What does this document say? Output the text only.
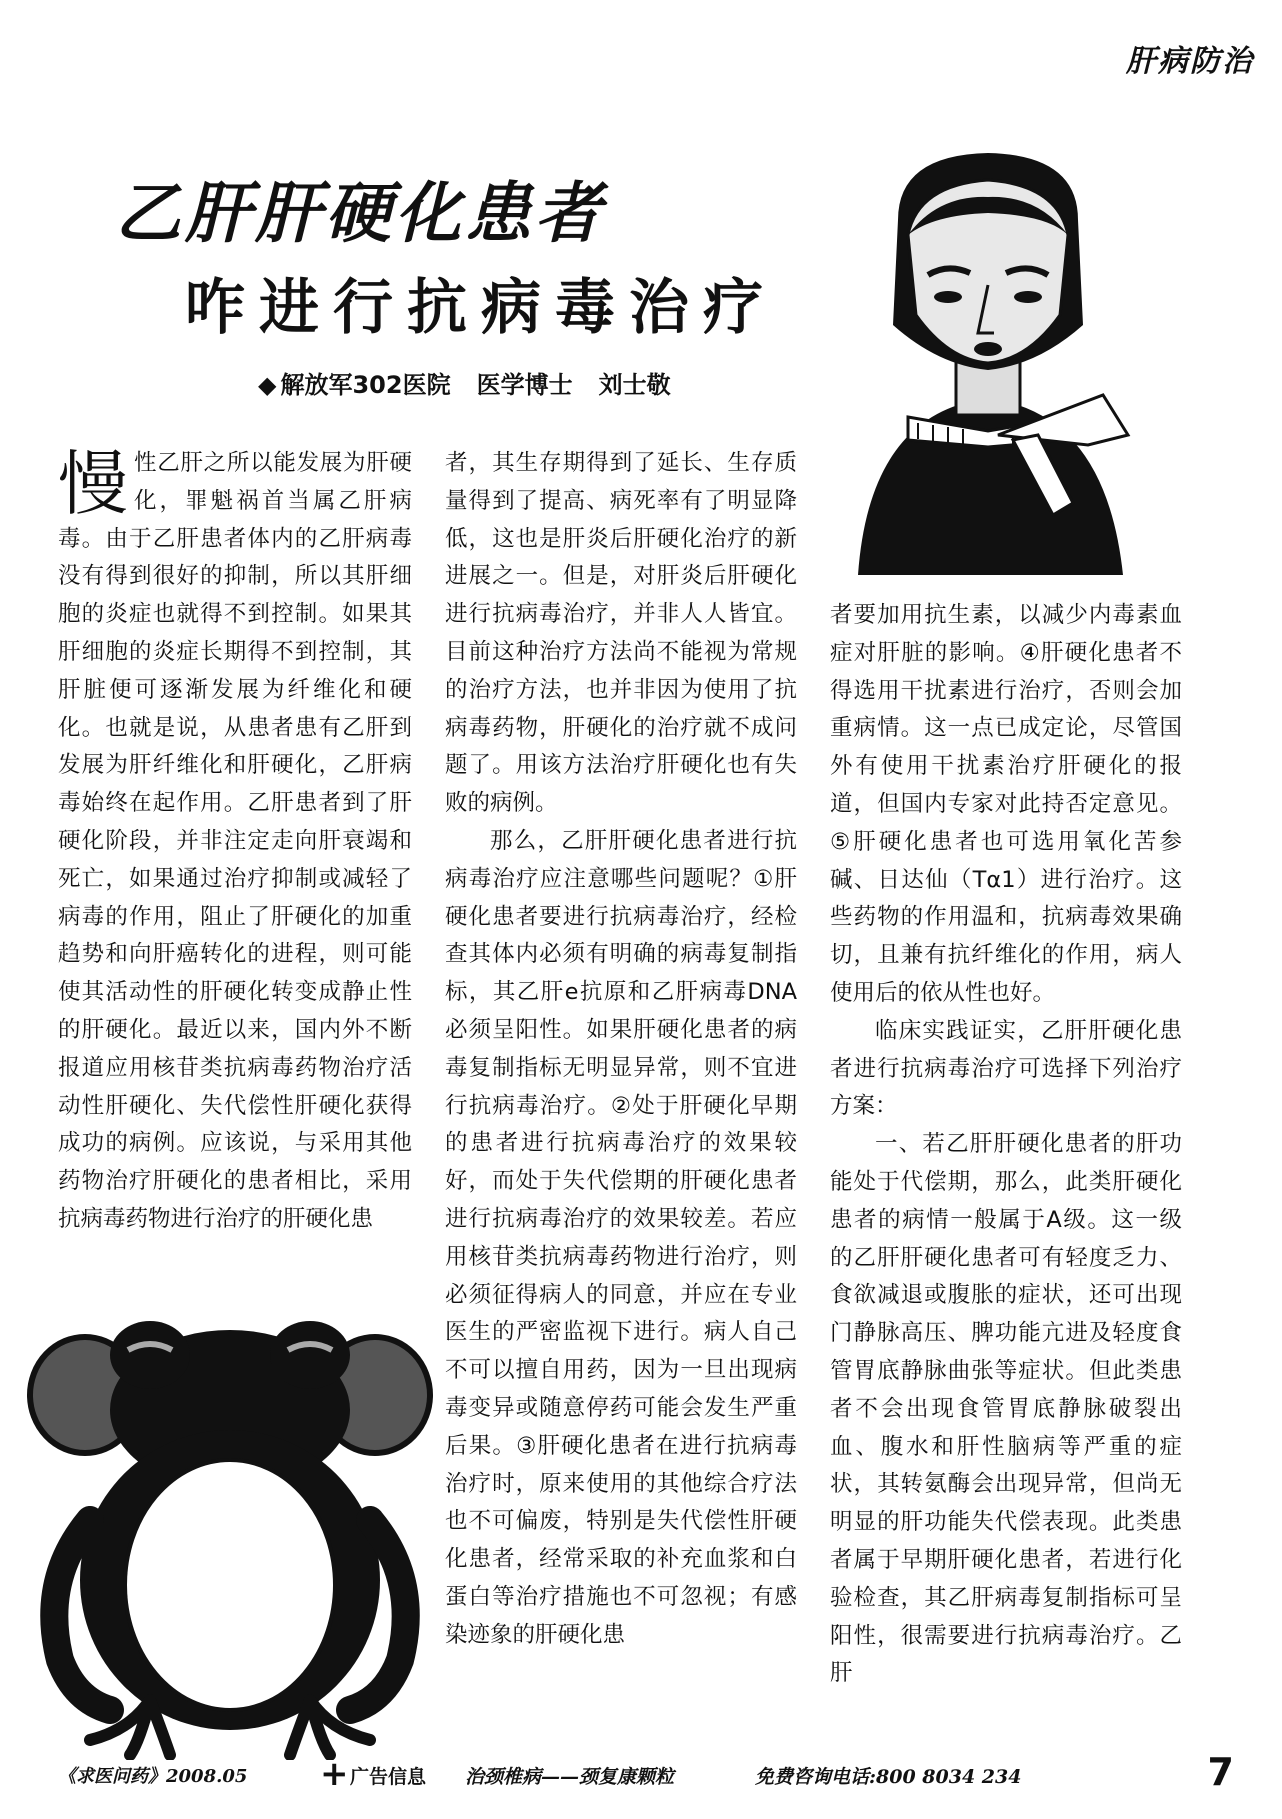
肝病防治
乙肝肝硬化患者
咋进行抗病毒治疗
◆ 解放军302医院 医学博士 刘士敬

慢性乙肝之所以能发展为肝硬化，罪魁祸首当属乙肝病毒。由于乙肝患者体内的乙肝病毒没有得到很好的抑制，所以其肝细胞的炎症也就得不到控制。如果其肝细胞的炎症长期得不到控制，其肝脏便可逐渐发展为纤维化和硬化。也就是说，从患者患有乙肝到发展为肝纤维化和肝硬化，乙肝病毒始终在起作用。乙肝患者到了肝硬化阶段，并非注定走向肝衰竭和死亡，如果通过治疗抑制或减轻了病毒的作用，阻止了肝硬化的加重趋势和向肝癌转化的进程，则可能使其活动性的肝硬化转变成静止性的肝硬化。最近以来，国内外不断报道应用核苷类抗病毒药物治疗活动性肝硬化、失代偿性肝硬化获得成功的病例。应该说，与采用其他药物治疗肝硬化的患者相比，采用抗病毒药物进行治疗的肝硬化患

者，其生存期得到了延长、生存质量得到了提高、病死率有了明显降低，这也是肝炎后肝硬化治疗的新进展之一。但是，对肝炎后肝硬化进行抗病毒治疗，并非人人皆宜。目前这种治疗方法尚不能视为常规的治疗方法，也并非因为使用了抗病毒药物，肝硬化的治疗就不成问题了。用该方法治疗肝硬化也有失败的病例。

那么，乙肝肝硬化患者进行抗病毒治疗应注意哪些问题呢？①肝硬化患者要进行抗病毒治疗，经检查其体内必须有明确的病毒复制指标，其乙肝e抗原和乙肝病毒DNA必须呈阳性。如果肝硬化患者的病毒复制指标无明显异常，则不宜进行抗病毒治疗。②处于肝硬化早期的患者进行抗病毒治疗的效果较好，而处于失代偿期的肝硬化患者进行抗病毒治疗的效果较差。若应用核苷类抗病毒药物进行治疗，则必须征得病人的同意，并应在专业医生的严密监视下进行。病人自己不可以擅自用药，因为一旦出现病毒变异或随意停药可能会发生严重后果。③肝硬化患者在进行抗病毒治疗时，原来使用的其他综合疗法也不可偏废，特别是失代偿性肝硬化患者，经常采取的补充血浆和白蛋白等治疗措施也不可忽视；有感染迹象的肝硬化患

者要加用抗生素，以减少内毒素血症对肝脏的影响。④肝硬化患者不得选用干扰素进行治疗，否则会加重病情。这一点已成定论，尽管国外有使用干扰素治疗肝硬化的报道，但国内专家对此持否定意见。⑤肝硬化患者也可选用氧化苦参碱、日达仙（Tα1）进行治疗。这些药物的作用温和，抗病毒效果确切，且兼有抗纤维化的作用，病人使用后的依从性也好。

临床实践证实，乙肝肝硬化患者进行抗病毒治疗可选择下列治疗方案：

一、若乙肝肝硬化患者的肝功能处于代偿期，那么，此类肝硬化患者的病情一般属于A级。这一级的乙肝肝硬化患者可有轻度乏力、食欲减退或腹胀的症状，还可出现门静脉高压、脾功能亢进及轻度食管胃底静脉曲张等症状。但此类患者不会出现食管胃底静脉破裂出血、腹水和肝性脑病等严重的症状，其转氨酶会出现异常，但尚无明显的肝功能失代偿表现。此类患者属于早期肝硬化患者，若进行化验检查，其乙肝病毒复制指标可呈阳性，很需要进行抗病毒治疗。乙肝

《求医问药》2008.05 + 广告信息 治颈椎病——颈复康颗粒	免费咨询电话:800 8034 234	7
